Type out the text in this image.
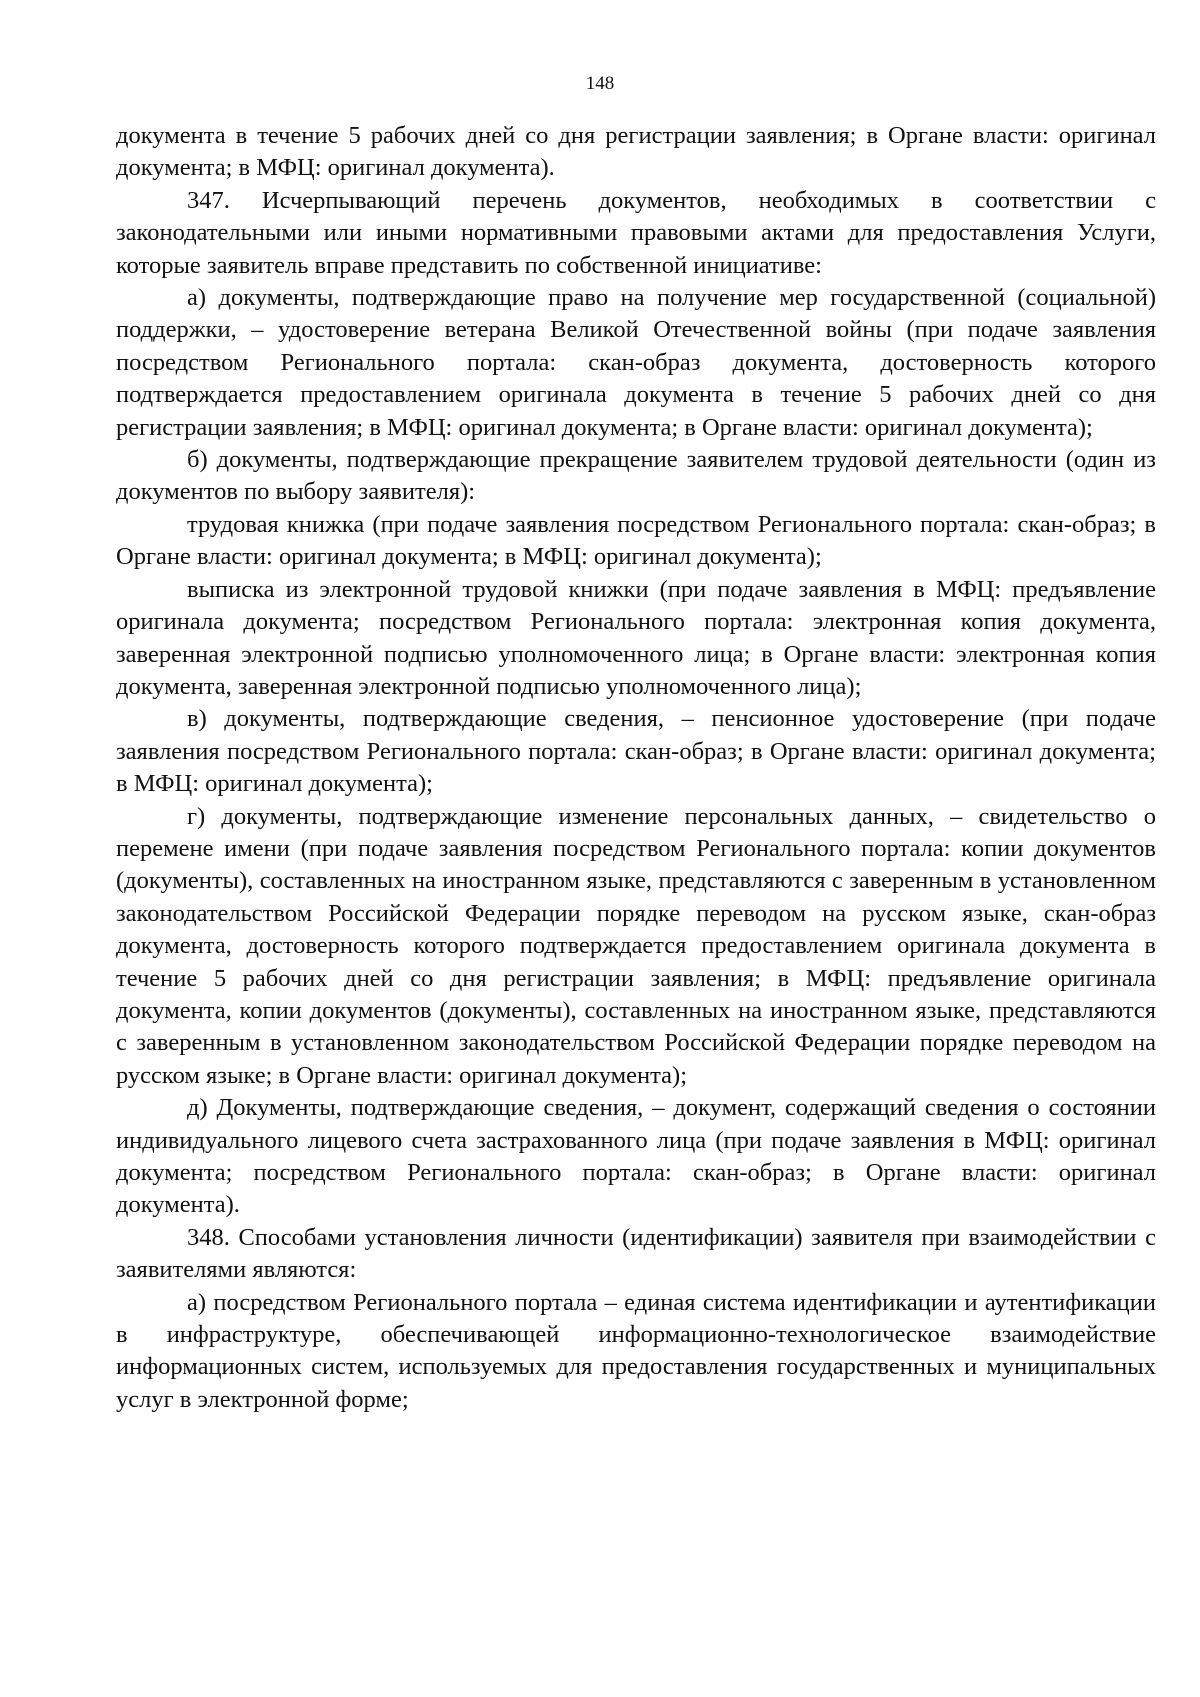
148

документа в течение 5 рабочих дней со дня регистрации заявления; в Органе власти: оригинал документа; в МФЦ: оригинал документа).

347. Исчерпывающий перечень документов, необходимых в соответствии с законодательными или иными нормативными правовыми актами для предоставления Услуги, которые заявитель вправе представить по собственной инициативе:

а) документы, подтверждающие право на получение мер государственной (социальной) поддержки, – удостоверение ветерана Великой Отечественной войны (при подаче заявления посредством Регионального портала: скан-образ документа, достоверность которого подтверждается предоставлением оригинала документа в течение 5 рабочих дней со дня регистрации заявления; в МФЦ: оригинал документа; в Органе власти: оригинал документа);

б) документы, подтверждающие прекращение заявителем трудовой деятельности (один из документов по выбору заявителя):

трудовая книжка (при подаче заявления посредством Регионального портала: скан-образ; в Органе власти: оригинал документа; в МФЦ: оригинал документа);

выписка из электронной трудовой книжки (при подаче заявления в МФЦ: предъявление оригинала документа; посредством Регионального портала: электронная копия документа, заверенная электронной подписью уполномоченного лица; в Органе власти: электронная копия документа, заверенная электронной подписью уполномоченного лица);

в) документы, подтверждающие сведения, – пенсионное удостоверение (при подаче заявления посредством Регионального портала: скан-образ; в Органе власти: оригинал документа; в МФЦ: оригинал документа);

г) документы, подтверждающие изменение персональных данных, – свидетельство о перемене имени (при подаче заявления посредством Регионального портала: копии документов (документы), составленных на иностранном языке, представляются с заверенным в установленном законодательством Российской Федерации порядке переводом на русском языке, скан-образ документа, достоверность которого подтверждается предоставлением оригинала документа в течение 5 рабочих дней со дня регистрации заявления; в МФЦ: предъявление оригинала документа, копии документов (документы), составленных на иностранном языке, представляются с заверенным в установленном законодательством Российской Федерации порядке переводом на русском языке; в Органе власти: оригинал документа);

д) Документы, подтверждающие сведения, – документ, содержащий сведения о состоянии индивидуального лицевого счета застрахованного лица (при подаче заявления в МФЦ: оригинал документа; посредством Регионального портала: скан-образ; в Органе власти: оригинал документа).

348. Способами установления личности (идентификации) заявителя при взаимодействии с заявителями являются:

а) посредством Регионального портала – единая система идентификации и аутентификации в инфраструктуре, обеспечивающей информационно-технологическое взаимодействие информационных систем, используемых для предоставления государственных и муниципальных услуг в электронной форме;
